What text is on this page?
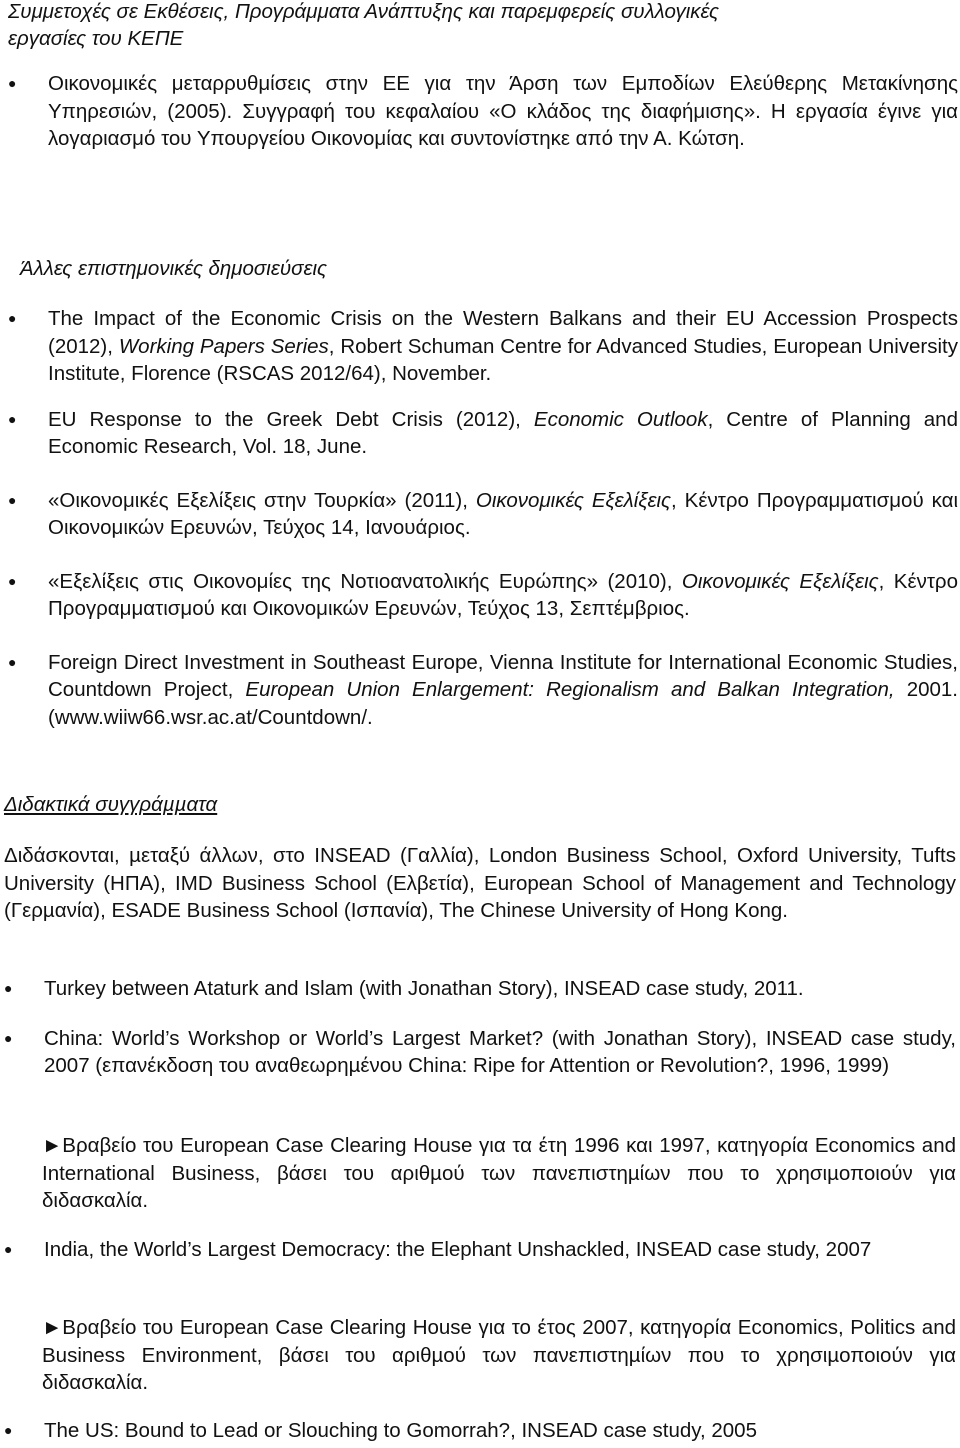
Συμμετοχές σε Εκθέσεις, Προγράμματα Ανάπτυξης και παρεμφερείς συλλογικές
εργασίες του ΚΕΠΕ
●	Οικονομικές μεταρρυθμίσεις στην ΕΕ για την Άρση των Εμποδίων Ελεύθερης Μετακίνησης Υπηρεσιών, (2005). Συγγραφή του κεφαλαίου «Ο κλάδος της διαφήμισης». Η εργασία έγινε για λογαριασμό του Υπουργείου Οικονομίας και συντονίστηκε από την Α. Κώτση.
Άλλες επιστημονικές δημοσιεύσεις
●	The Impact of the Economic Crisis on the Western Balkans and their EU Accession Prospects (2012), Working Papers Series, Robert Schuman Centre for Advanced Studies, European University Institute, Florence (RSCAS 2012/64), November.
●	EU Response to the Greek Debt Crisis (2012), Economic Outlook, Centre of Planning and Economic Research, Vol. 18, June.
●	«Οικονομικές Εξελίξεις στην Τουρκία» (2011), Οικονομικές Εξελίξεις, Κέντρο Προγραμματισμού και Οικονομικών Ερευνών, Τεύχος 14, Ιανουάριος.
●	«Εξελίξεις στις Οικονομίες της Νοτιοανατολικής Ευρώπης» (2010), Οικονομικές Εξελίξεις, Κέντρο Προγραμματισμού και Οικονομικών Ερευνών, Τεύχος 13, Σεπτέμβριος.
●	Foreign Direct Investment in Southeast Europe, Vienna Institute for International Economic Studies, Countdown Project, European Union Enlargement: Regionalism and Balkan Integration, 2001. (www.wiiw66.wsr.ac.at/Countdown/.
Διδακτικά συγγράµµατα

Διδάσκονται, µεταξύ άλλων, στο INSEAD (Γαλλία), London Business School, Oxford University, Tufts University (ΗΠΑ), IMD Business School (Ελβετία), European School of Management and Technology (Γερµανία), ESADE Business School (Ισπανία), The Chinese University of Hong Kong.

●	Turkey between Ataturk and Islam (with Jonathan Story), INSEAD case study, 2011.
●	China: World’s Workshop or World’s Largest Market? (with Jonathan Story), INSEAD case study, 2007 (επανέκδοση του αναθεωρηµένου China: Ripe for Attention or Revolution?, 1996, 1999)

►Βραβείο του European Case Clearing House για τα έτη 1996 και 1997, κατηγορία Economics and International Business, βάσει του αριθµού των πανεπιστηµίων που το χρησιµοποιούν για διδασκαλία.

●	India, the World’s Largest Democracy: the Elephant Unshackled, INSEAD case study, 2007

►Βραβείο του European Case Clearing House για το έτος 2007, κατηγορία Economics, Politics and Business Environment, βάσει του αριθµού των πανεπιστηµίων που το χρησιµοποιούν για διδασκαλία.

●	The US: Bound to Lead or Slouching to Gomorrah?, INSEAD case study, 2005
